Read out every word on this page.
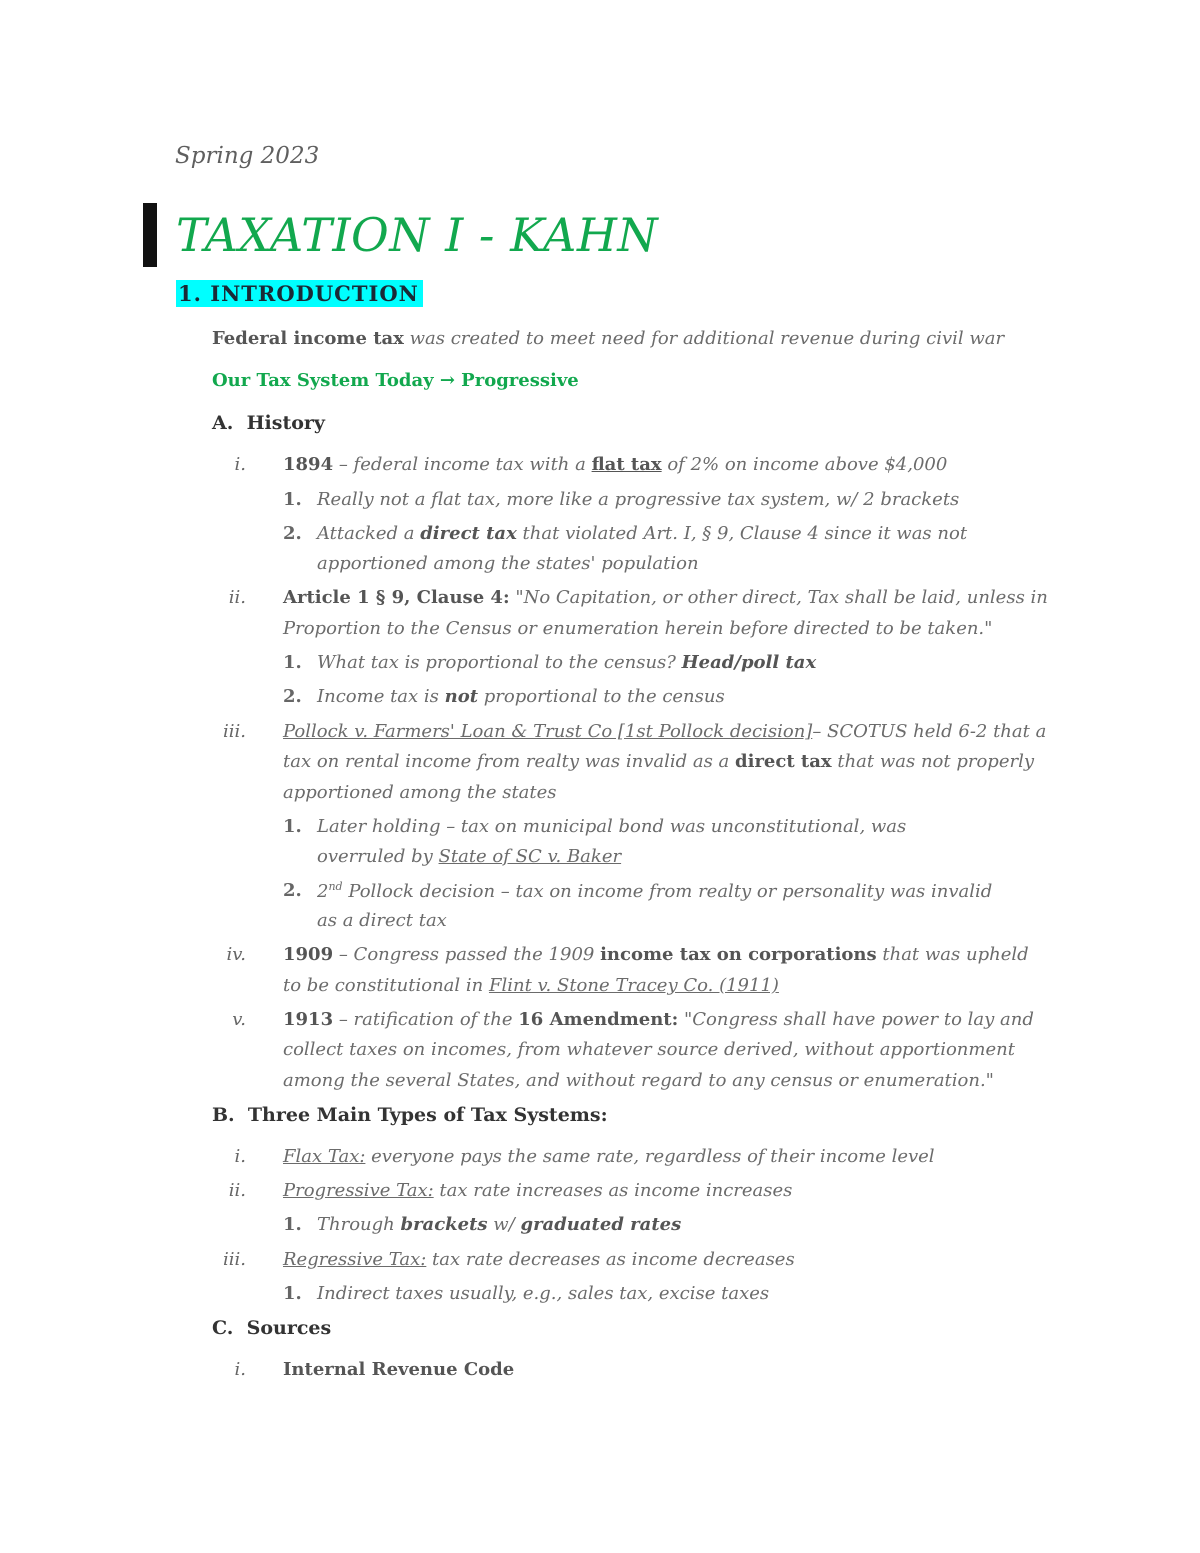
Spring 2023
TAXATION I - KAHN
1. INTRODUCTION
Federal income tax was created to meet need for additional revenue during civil war
Our Tax System Today → Progressive
A. History
i. 1894 – federal income tax with a flat tax of 2% on income above $4,000
1. Really not a flat tax, more like a progressive tax system, w/ 2 brackets
2. Attacked a direct tax that violated Art. I, § 9, Clause 4 since it was not
apportioned among the states' population
ii. Article 1 § 9, Clause 4: "No Capitation, or other direct, Tax shall be laid, unless in
Proportion to the Census or enumeration herein before directed to be taken."
1. What tax is proportional to the census? Head/poll tax
2. Income tax is not proportional to the census
iii. Pollock v. Farmers' Loan & Trust Co [1st Pollock decision]– SCOTUS held 6-2 that a
tax on rental income from realty was invalid as a direct tax that was not properly
apportioned among the states
1. Later holding – tax on municipal bond was unconstitutional, was
overruled by State of SC v. Baker
2. 2nd Pollock decision – tax on income from realty or personality was invalid
as a direct tax
iv. 1909 – Congress passed the 1909 income tax on corporations that was upheld
to be constitutional in Flint v. Stone Tracey Co. (1911)
v. 1913 – ratification of the 16 Amendment: "Congress shall have power to lay and
collect taxes on incomes, from whatever source derived, without apportionment
among the several States, and without regard to any census or enumeration."
B. Three Main Types of Tax Systems:
i. Flax Tax: everyone pays the same rate, regardless of their income level
ii. Progressive Tax: tax rate increases as income increases
1. Through brackets w/ graduated rates
iii. Regressive Tax: tax rate decreases as income decreases
1. Indirect taxes usually, e.g., sales tax, excise taxes
C. Sources
i. Internal Revenue Code
